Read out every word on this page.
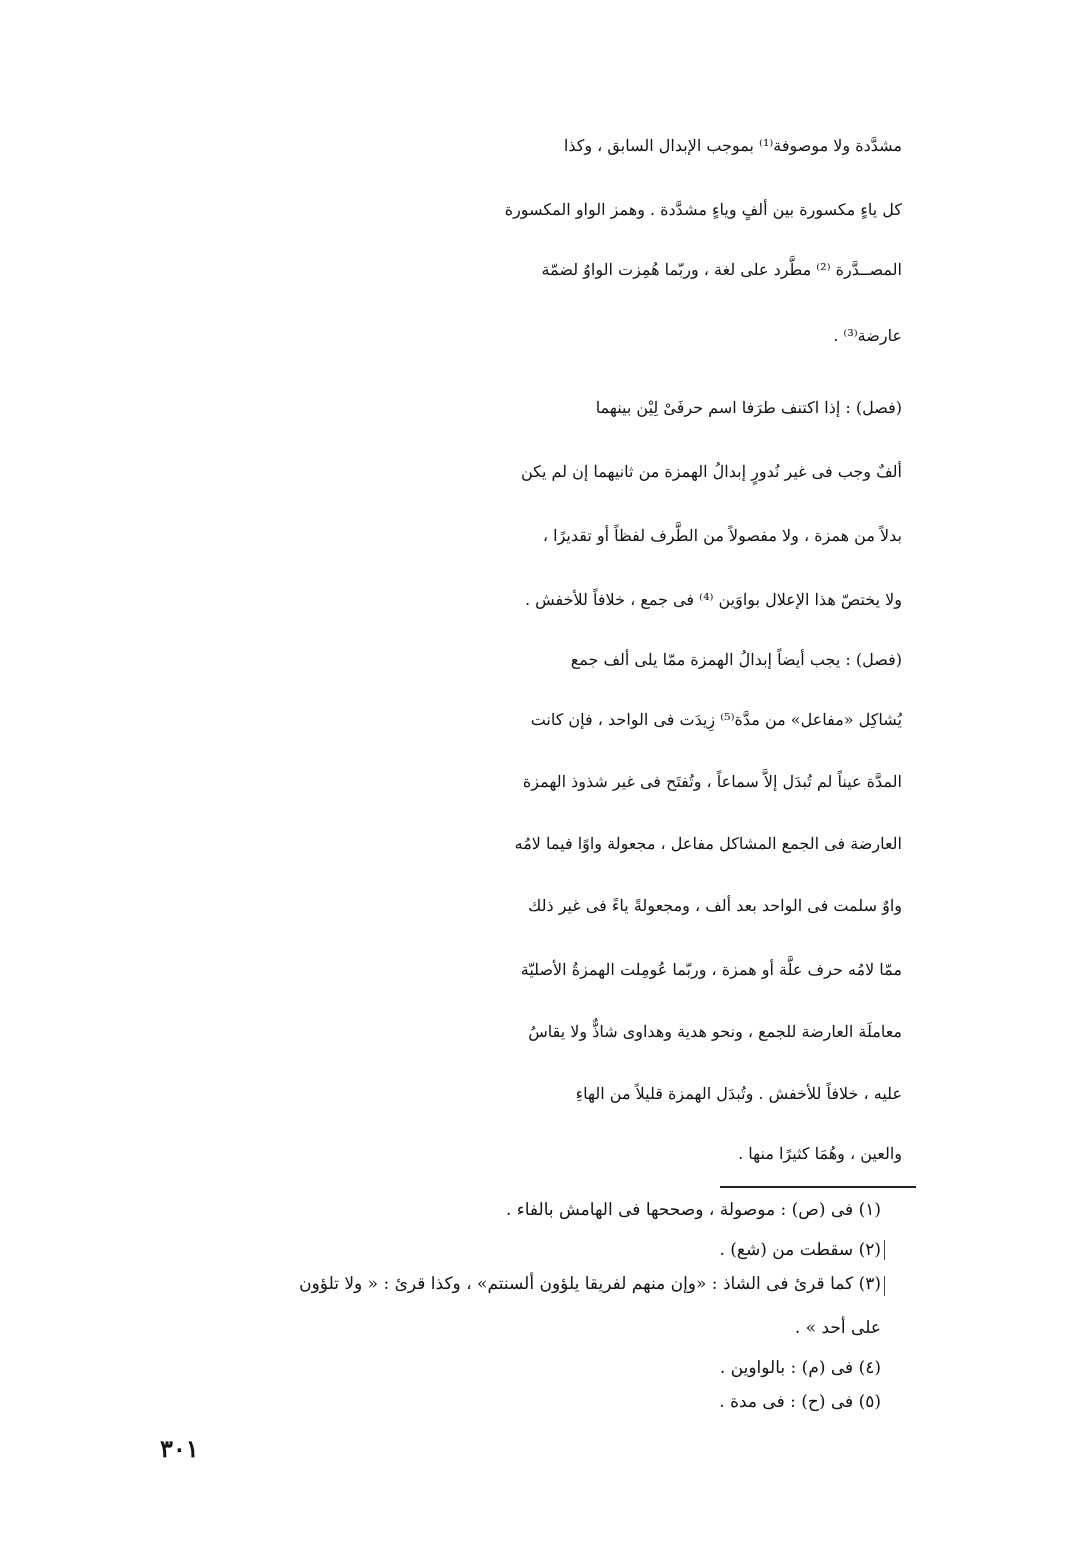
مشدَّدة ولا موصوفة⁽¹⁾ بموجب الإبدال السابق ، وكذا
كل ياءٍ مكسورة بين ألفٍ وياءٍ مشدَّدة . وهمز الواو المكسورة
المصــدَّرة ⁽²⁾ مطَّرد على لغة ، وربّما هُمِزت الواوُ لضمّة
عارضة⁽³⁾ .
(فصل) : إذا اكتنف طرَفا اسم حرفَىْ لِيْن بينهما
ألفٌ وجب فى غير نُدورٍ إبدالُ الهمزة من ثانيهما إن لم يكن
بدلاً من همزة ، ولا مفصولاً من الطَّرف لفظاً أو تقديرًا ،
ولا يختصّ هذا الإعلال بواوَين ⁽⁴⁾ فى جمع ، خلافاً للأخفش .
(فصل) : يجب أيضاً إبدالُ الهمزة ممّا يلى ألف جمع
يُشاكِل «مفاعل» من مدَّة⁽⁵⁾ زِيدَت فى الواحد ، فإن كانت
المدَّة عيناً لم تُبدَل إلاَّ سماعاً ، وتُفتَح فى غير شذوذ الهمزة
العارضة فى الجمع المشاكل مفاعل ، مجعولة واوًا فيما لامُه
واوٌ سلمت فى الواحد بعد ألف ، ومجعولةً ياءً فى غير ذلك
ممّا لامُه حرف علَّة أو همزة ، وربّما عُومِلت الهمزةُ الأصليّة
معاملَة العارضة للجمع ، ونحو هدية وهداوى شاذٌّ ولا يقاسُ
عليه ، خلافاً للأخفش . وتُبدَل الهمزة قليلاً من الهاءِ
والعين ، وهُمَا كثيرًا منها .
(١) فى (ص) : موصولة ، وصححها فى الهامش بالفاء .
(٢) سقطت من (شع) .
(٣) كما قرئ فى الشاذ : «وإن منهم لفريقا يلؤون ألسنتم» ، وكذا قرئ : « ولا تلؤون
على أحد » .
(٤) فى (م) : بالواوين .
(٥) فى (ح) : فى مدة .
٣٠١
